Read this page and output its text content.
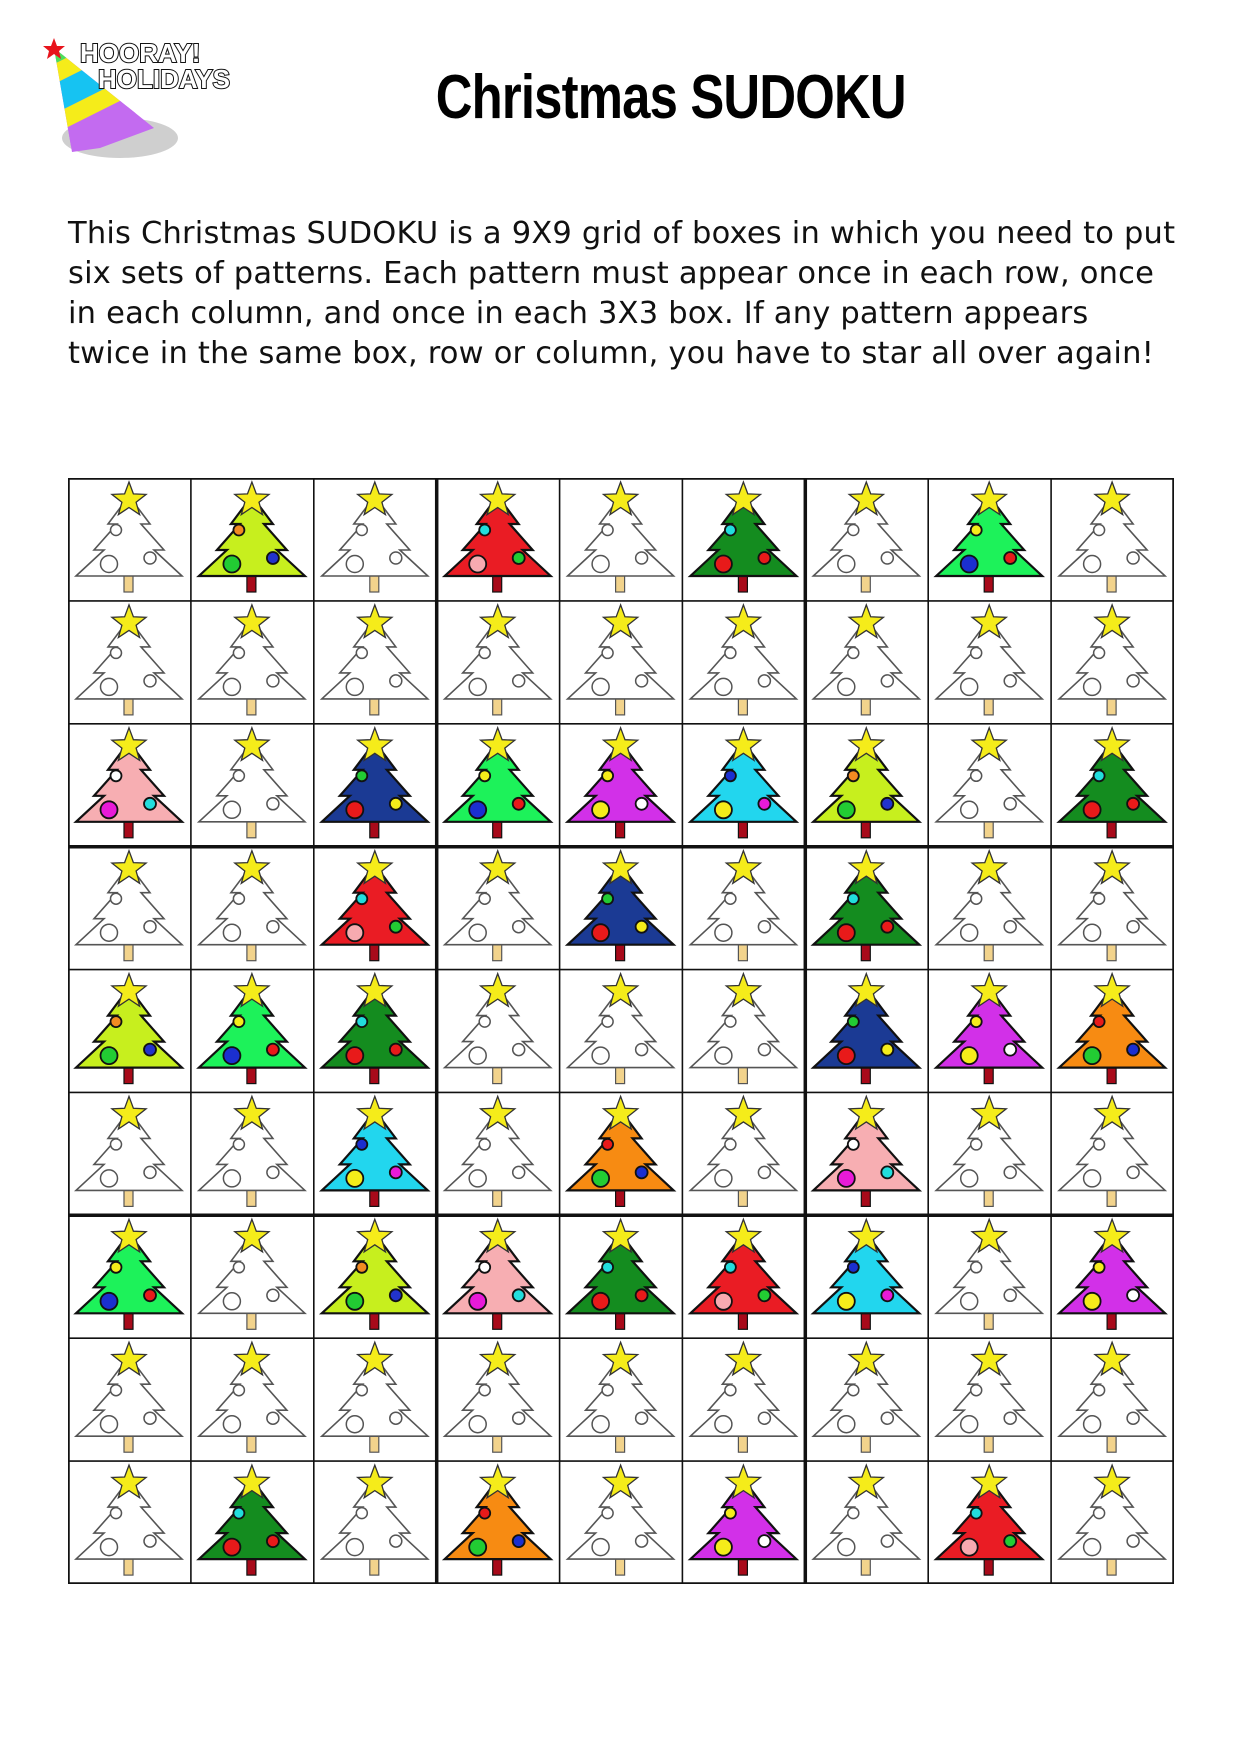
HOORAY!
HOLIDAYS	Christmas SUDOKU
This Christmas SUDOKU is a 9X9 grid of boxes in which you need to put six sets of patterns. Each pattern must appear once in each row, once in each column, and once in each 3X3 box. If any pattern appears twice in the same box, row or column, you have to star all over again!
